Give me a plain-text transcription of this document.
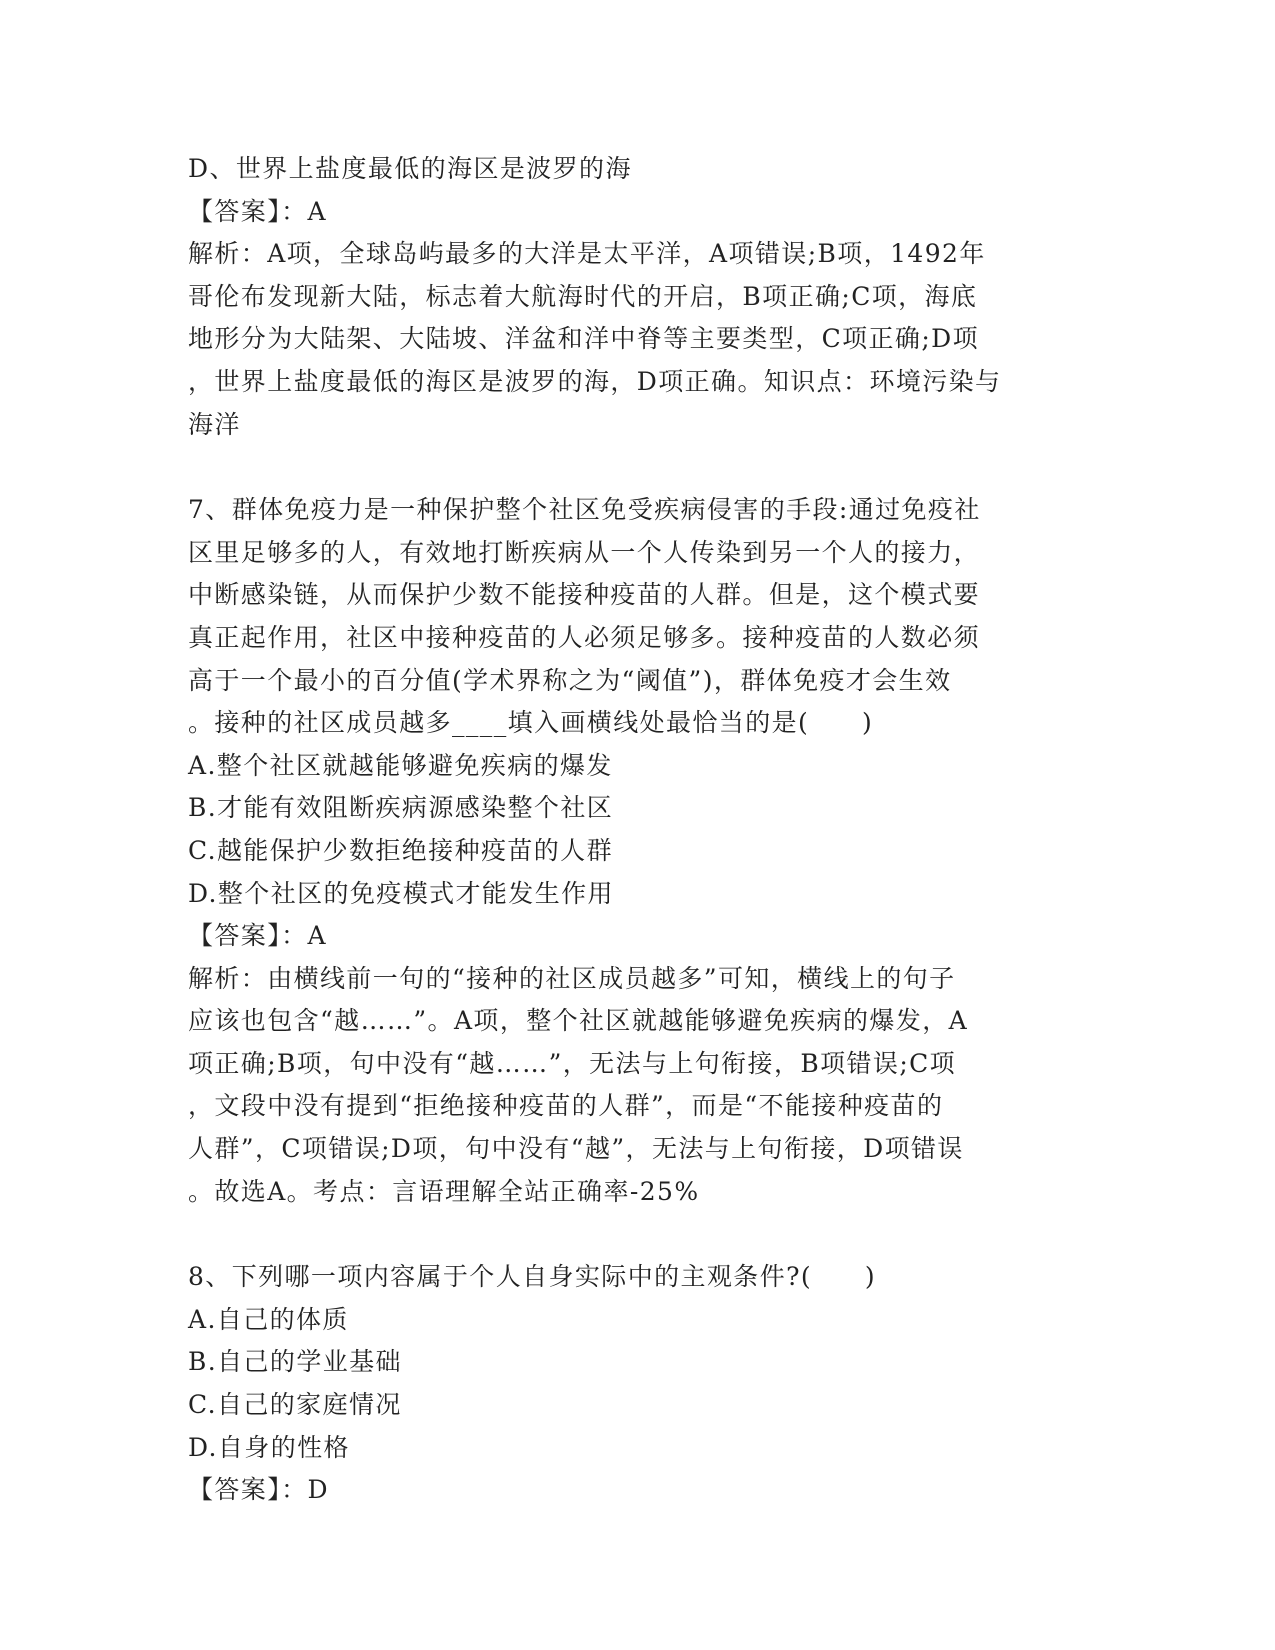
D、世界上盐度最低的海区是波罗的海
【答案】：A
解析：A项，全球岛屿最多的大洋是太平洋，A项错误;B项，1492年
哥伦布发现新大陆，标志着大航海时代的开启，B项正确;C项，海底
地形分为大陆架、大陆坡、洋盆和洋中脊等主要类型，C项正确;D项
，世界上盐度最低的海区是波罗的海，D项正确。知识点：环境污染与
海洋
7、群体免疫力是一种保护整个社区免受疾病侵害的手段:通过免疫社
区里足够多的人，有效地打断疾病从一个人传染到另一个人的接力，
中断感染链，从而保护少数不能接种疫苗的人群。但是，这个模式要
真正起作用，社区中接种疫苗的人必须足够多。接种疫苗的人数必须
高于一个最小的百分值(学术界称之为“阈值”)，群体免疫才会生效
。接种的社区成员越多____填入画横线处最恰当的是(　　)
A.整个社区就越能够避免疾病的爆发
B.才能有效阻断疾病源感染整个社区
C.越能保护少数拒绝接种疫苗的人群
D.整个社区的免疫模式才能发生作用
【答案】：A
解析：由横线前一句的“接种的社区成员越多”可知，横线上的句子
应该也包含“越……”。A项，整个社区就越能够避免疾病的爆发，A
项正确;B项，句中没有“越……”，无法与上句衔接，B项错误;C项
，文段中没有提到“拒绝接种疫苗的人群”，而是“不能接种疫苗的
人群”，C项错误;D项，句中没有“越”，无法与上句衔接，D项错误
。故选A。考点：言语理解全站正确率-25%
8、下列哪一项内容属于个人自身实际中的主观条件?(　　)
A.自己的体质
B.自己的学业基础
C.自己的家庭情况
D.自身的性格
【答案】：D
